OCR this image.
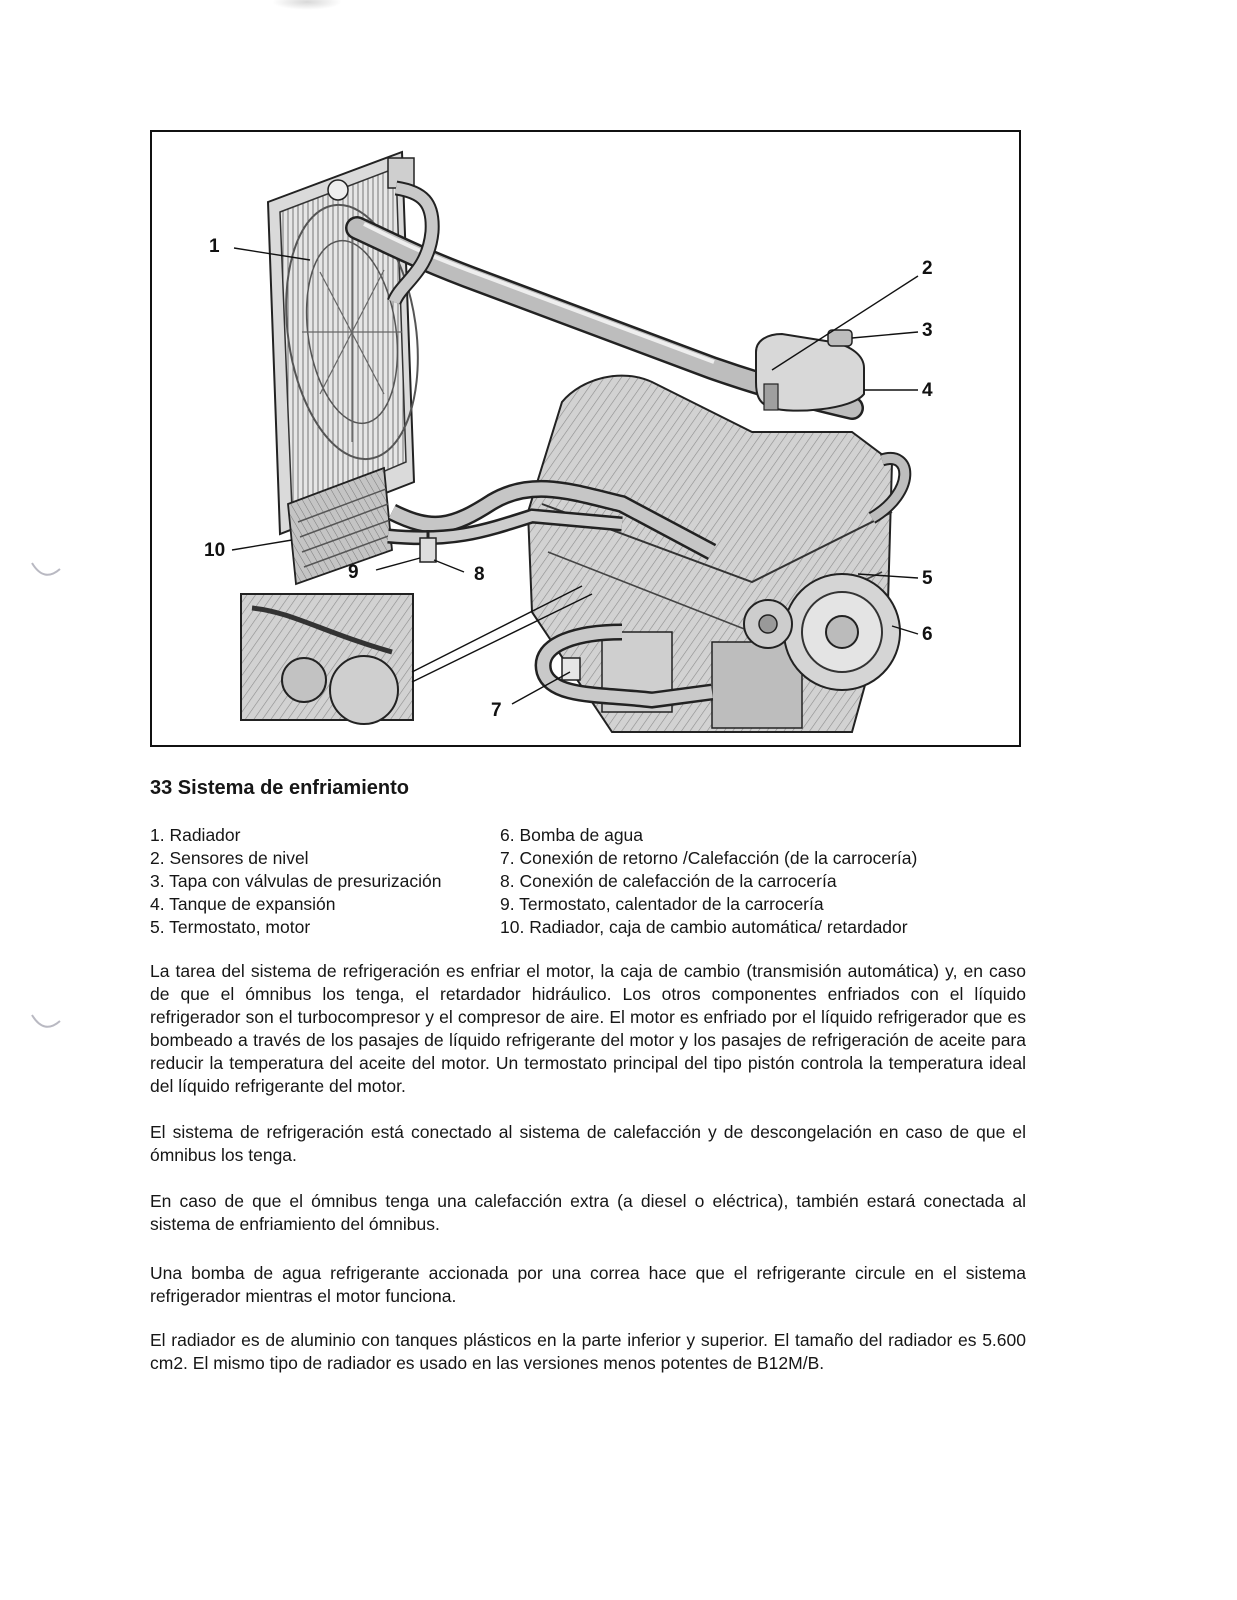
1
2
3
4
5
6
7
8
9
10
33 Sistema de enfriamiento
1. Radiador
2. Sensores de nivel
3. Tapa con válvulas de presurización
4. Tanque de expansión
5. Termostato, motor
6. Bomba de agua
7. Conexión de retorno /Calefacción (de la carrocería)
8. Conexión de calefacción de la carrocería
9. Termostato, calentador de la carrocería
10. Radiador, caja de cambio automática/ retardador

La tarea del sistema de refrigeración es enfriar el motor, la caja de cambio (transmisión automática) y, en caso de que el ómnibus los tenga, el retardador hidráulico. Los otros componentes enfriados con el líquido refrigerador son el turbocompresor y el compresor de aire. El motor es enfriado por el líquido refrigerador que es bombeado a través de los pasajes de líquido refrigerante del motor y los pasajes de refrigeración de aceite para reducir la temperatura del aceite del motor. Un termostato principal del tipo pistón controla la temperatura ideal del líquido refrigerante del motor.

El sistema de refrigeración está conectado al sistema de calefacción y de descongelación en caso de que el ómnibus los tenga.

En caso de que el ómnibus tenga una calefacción extra (a diesel o eléctrica), también estará conectada al sistema de enfriamiento del ómnibus.

Una bomba de agua refrigerante accionada por una correa hace que el refrigerante circule en el sistema refrigerador mientras el motor funciona.

El radiador es de aluminio con tanques plásticos en la parte inferior y superior. El tamaño del radiador es 5.600 cm2. El mismo tipo de radiador es usado en las versiones menos potentes de B12M/B.
